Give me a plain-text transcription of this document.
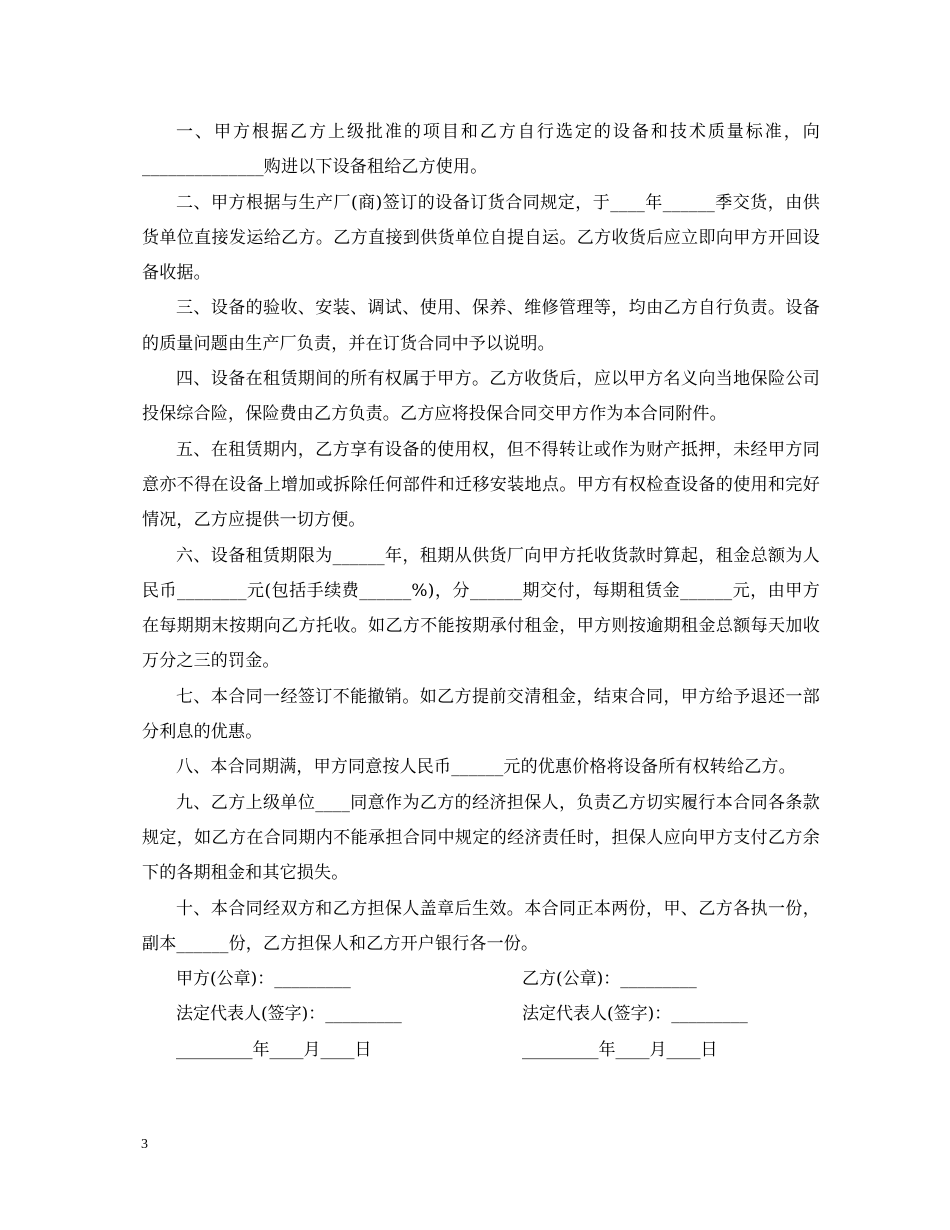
一、甲方根据乙方上级批准的项目和乙方自行选定的设备和技术质量标准，向______________购进以下设备租给乙方使用。

二、甲方根据与生产厂(商)签订的设备订货合同规定，于____年______季交货，由供货单位直接发运给乙方。乙方直接到供货单位自提自运。乙方收货后应立即向甲方开回设备收据。

三、设备的验收、安装、调试、使用、保养、维修管理等，均由乙方自行负责。设备的质量问题由生产厂负责，并在订货合同中予以说明。

四、设备在租赁期间的所有权属于甲方。乙方收货后，应以甲方名义向当地保险公司投保综合险，保险费由乙方负责。乙方应将投保合同交甲方作为本合同附件。

五、在租赁期内，乙方享有设备的使用权，但不得转让或作为财产抵押，未经甲方同意亦不得在设备上增加或拆除任何部件和迁移安装地点。甲方有权检查设备的使用和完好情况，乙方应提供一切方便。

六、设备租赁期限为______年，租期从供货厂向甲方托收货款时算起，租金总额为人民币________元(包括手续费______%)，分______期交付，每期租赁金______元，由甲方在每期期末按期向乙方托收。如乙方不能按期承付租金，甲方则按逾期租金总额每天加收万分之三的罚金。

七、本合同一经签订不能撤销。如乙方提前交清租金，结束合同，甲方给予退还一部分利息的优惠。

八、本合同期满，甲方同意按人民币______元的优惠价格将设备所有权转给乙方。

九、乙方上级单位____同意作为乙方的经济担保人，负责乙方切实履行本合同各条款规定，如乙方在合同期内不能承担合同中规定的经济责任时，担保人应向甲方支付乙方余下的各期租金和其它损失。

十、本合同经双方和乙方担保人盖章后生效。本合同正本两份，甲、乙方各执一份，副本______份，乙方担保人和乙方开户银行各一份。

甲方(公章)：_________	乙方(公章)：_________
法定代表人(签字)：_________	法定代表人(签字)：_________
_________年____月____日	_________年____月____日
3
